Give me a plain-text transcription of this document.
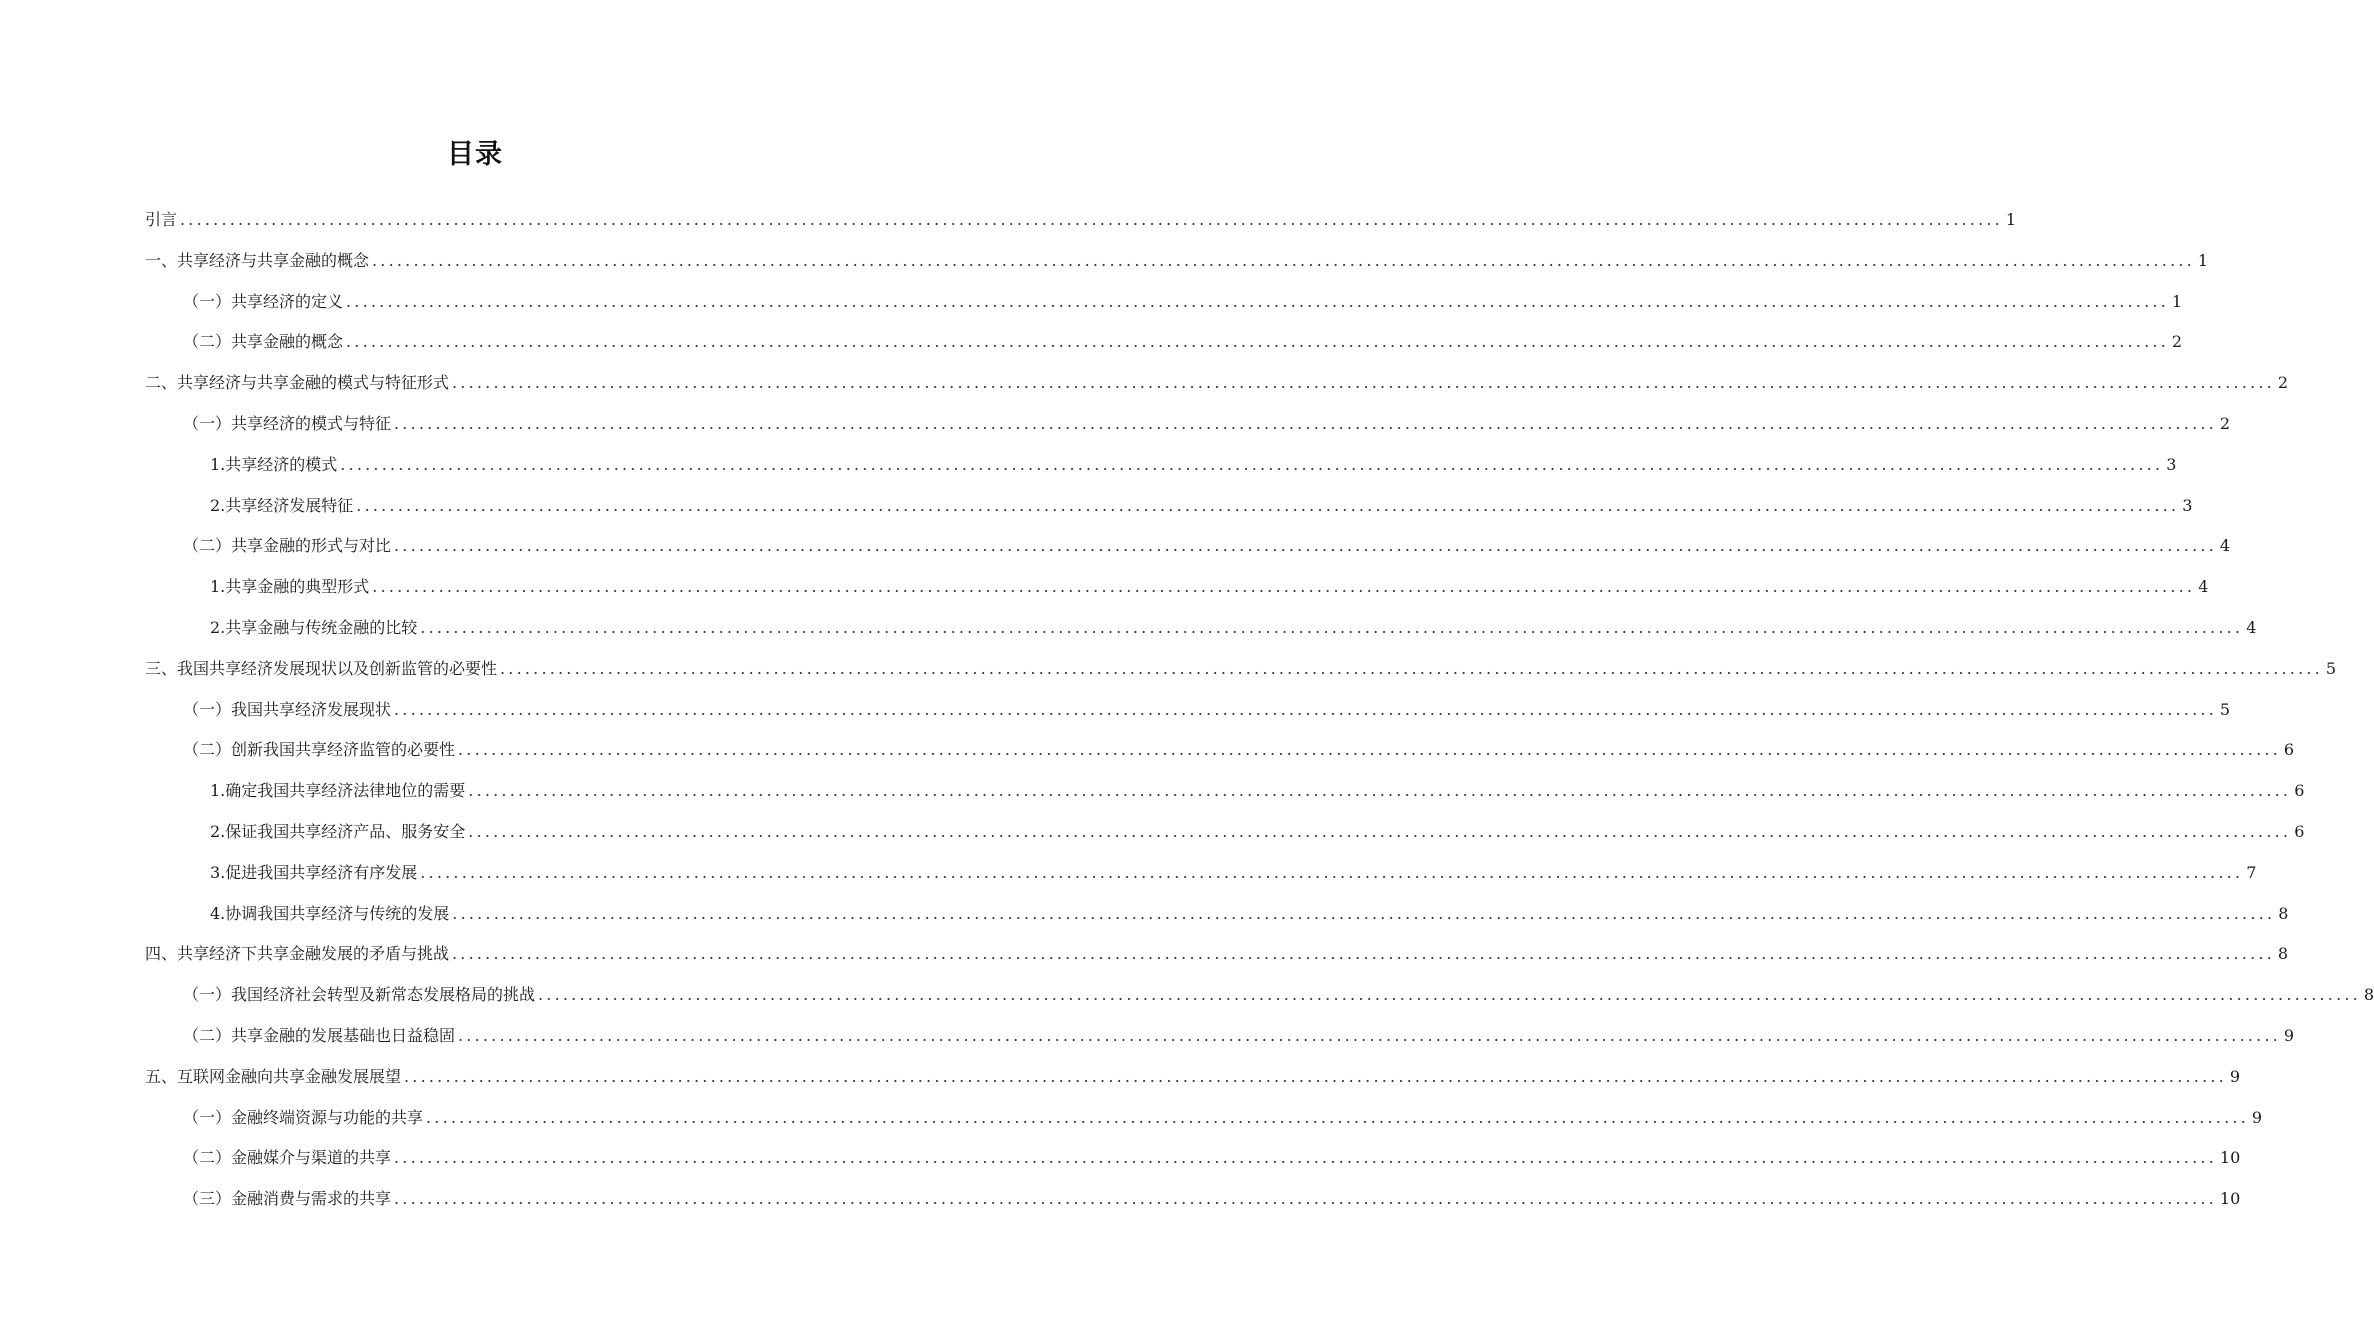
目录
引言 ............................................................................................................................................................................................................................ 1
一、共享经济与共享金融的概念 ............................................................................................................................................................................................................................ 1
（一）共享经济的定义 ............................................................................................................................................................................................................................ 1
（二）共享金融的概念 ............................................................................................................................................................................................................................ 2
二、共享经济与共享金融的模式与特征形式 ............................................................................................................................................................................................................................ 2
（一）共享经济的模式与特征 ............................................................................................................................................................................................................................ 2
1.共享经济的模式 ............................................................................................................................................................................................................................ 3
2.共享经济发展特征 ............................................................................................................................................................................................................................ 3
（二）共享金融的形式与对比 ............................................................................................................................................................................................................................ 4
1.共享金融的典型形式 ............................................................................................................................................................................................................................ 4
2.共享金融与传统金融的比较 ............................................................................................................................................................................................................................ 4
三、我国共享经济发展现状以及创新监管的必要性 ............................................................................................................................................................................................................................ 5
（一）我国共享经济发展现状 ............................................................................................................................................................................................................................ 5
（二）创新我国共享经济监管的必要性 ............................................................................................................................................................................................................................ 6
1.确定我国共享经济法律地位的需要 ............................................................................................................................................................................................................................ 6
2.保证我国共享经济产品、服务安全 ............................................................................................................................................................................................................................ 6
3.促进我国共享经济有序发展 ............................................................................................................................................................................................................................ 7
4.协调我国共享经济与传统的发展 ............................................................................................................................................................................................................................ 8
四、共享经济下共享金融发展的矛盾与挑战 ............................................................................................................................................................................................................................ 8
（一）我国经济社会转型及新常态发展格局的挑战 ............................................................................................................................................................................................................................ 8
（二）共享金融的发展基础也日益稳固 ............................................................................................................................................................................................................................ 9
五、互联网金融向共享金融发展展望 ............................................................................................................................................................................................................................ 9
（一）金融终端资源与功能的共享 ............................................................................................................................................................................................................................ 9
（二）金融媒介与渠道的共享 ............................................................................................................................................................................................................................ 10
（三）金融消费与需求的共享 ............................................................................................................................................................................................................................ 10
